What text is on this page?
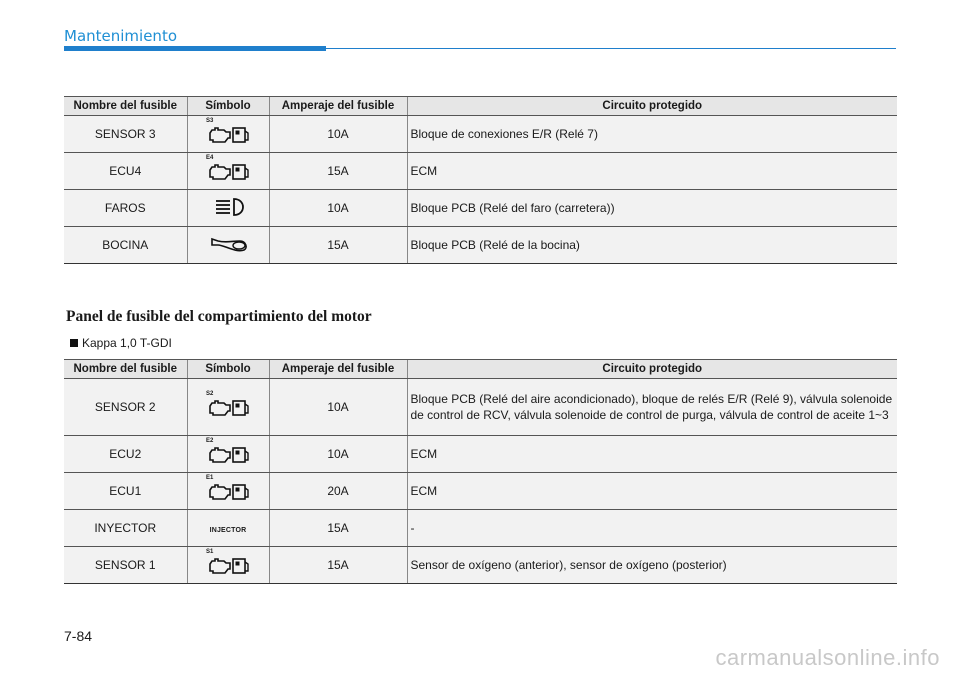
Mantenimiento
Nombre del fusible	Símbolo	Amperaje del fusible	Circuito protegido
SENSOR 3	S3	10A	Bloque de conexiones E/R (Relé 7)
ECU4	E4	15A	ECM
FAROS		10A	Bloque PCB (Relé del faro (carretera))
BOCINA		15A	Bloque PCB (Relé de la bocina)
Panel de fusible del compartimiento del motor
Kappa 1,0 T-GDI
Nombre del fusible	Símbolo	Amperaje del fusible	Circuito protegido
SENSOR 2	S2	10A	Bloque PCB (Relé del aire acondicionado), bloque de relés E/R (Relé 9), válvula solenoide de control de RCV, válvula solenoide de control de purga, válvula de control de aceite 1~3
ECU2	E2	10A	ECM
ECU1	E1	20A	ECM
INYECTOR	INJECTOR	15A	-
SENSOR 1	S1	15A	Sensor de oxígeno (anterior), sensor de oxígeno (posterior)
7-84
carmanualsonline.info
